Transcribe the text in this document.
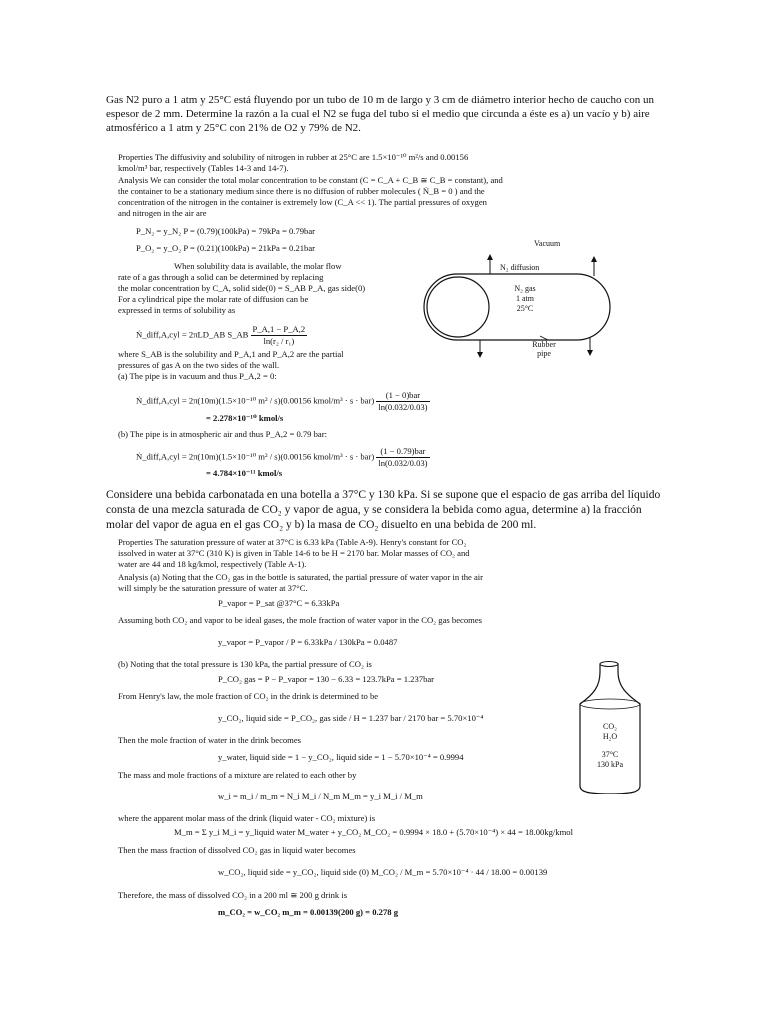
Gas N2 puro a 1 atm y 25°C está fluyendo por un tubo de 10 m de largo y 3 cm de diámetro interior hecho de caucho con un espesor de 2 mm. Determine la razón a la cual el N2 se fuga del tubo si el medio que circunda a éste es a) un vacío y b) aire atmosférico a 1 atm y 25°C con 21% de O2 y 79% de N2.
Properties The diffusivity and solubility of nitrogen in rubber at 25°C are 1.5×10⁻¹⁰ m²/s and 0.00156
kmol/m³ bar, respectively (Tables 14-3 and 14-7).
Analysis We can consider the total molar concentration to be constant (C = C_A + C_B ≅ C_B = constant), and
the container to be a stationary medium since there is no diffusion of rubber molecules ( Ṅ_B = 0 ) and the
concentration of the nitrogen in the container is extremely low (C_A << 1). The partial pressures of oxygen
and nitrogen in the air are
P_N₂ = y_N₂ P = (0.79)(100kPa) = 79kPa = 0.79bar
P_O₂ = y_O₂ P = (0.21)(100kPa) = 21kPa = 0.21bar
When solubility data is available, the molar flow
rate of a gas through a solid can be determined by replacing
the molar concentration by C_A, solid side(0) = S_AB P_A, gas side(0)
For a cylindrical pipe the molar rate of diffusion can be
expressed in terms of solubility as
Ṅ_diff,A,cyl = 2πLD_AB S_AB $\frac{P\_A,1 - P\_A,2}{\text{ln(r₂ / r₁)}}$
where S_AB is the solubility and P_A,1 and P_A,2 are the partial
pressures of gas A on the two sides of the wall.
(a) The pipe is in vacuum and thus P_A,2 = 0:
Ṅ_diff,A,cyl = 2π(10m)(1.5×10⁻¹⁰ m² / s)(0.00156 kmol/m³ · $s \cdot bar) \frac{\text{(1 − 0)bar}}{\ln(0.032/0.03)}$
= 2.278×10⁻¹⁰ kmol/s
(b) The pipe is in atmospheric air and thus P_A,2 = 0.79 bar:
Ṅ_diff,A,cyl = 2π(10m)(1.5×10⁻¹⁰ m² / s)(0.00156 kmol/m³ · $s \cdot bar) \frac{\text{(1 − 0.79)bar}}{\ln(0.032/0.03)}$
= 4.784×10⁻¹¹ kmol/s
Vacuum
N₂ diffusion
N₂ gas
1 atm
25°C
Rubber
pipe
Considere una bebida carbonatada en una botella a 37°C y 130 kPa. Si se supone que el espacio de gas arriba del líquido consta de una mezcla saturada de CO₂ y vapor de agua, y se considera la bebida como agua, determine a) la fracción molar del vapor de agua en el gas CO₂ y b) la masa de CO₂ disuelto en una bebida de 200 ml.
Properties The saturation pressure of water at 37°C is 6.33 kPa (Table A-9). Henry's constant for CO₂
issolved in water at 37°C (310 K) is given in Table 14-6 to be H = 2170 bar. Molar masses of CO₂ and
water are 44 and 18 kg/kmol, respectively (Table A-1).
Analysis (a) Noting that the CO₂ gas in the bottle is saturated, the partial pressure of water vapor in the air
will simply be the saturation pressure of water at 37°C.
P_vapor = P_sat @37°C = 6.33kPa
Assuming both CO₂ and vapor to be ideal gases, the mole fraction of water vapor in the CO₂ gas becomes
y_vapor = P_vapor / P = 6.33kPa / 130kPa = 0.0487
(b) Noting that the total pressure is 130 kPa, the partial pressure of CO₂ is
P_CO₂ gas = P − P_vapor = 130 − 6.33 = 123.7kPa = 1.237bar
From Henry's law, the mole fraction of CO₂ in the drink is determined to be
y_CO₂, liquid side = P_CO₂, gas side / H = 1.237 bar / 2170 bar = 5.70×10⁻⁴
Then the mole fraction of water in the drink becomes
y_water, liquid side = 1 − y_CO₂, liquid side = 1 − 5.70×10⁻⁴ = 0.9994
The mass and mole fractions of a mixture are related to each other by
w_i = m_i / m_m = N_i M_i / N_m M_m = y_i M_i / M_m
where the apparent molar mass of the drink (liquid water - CO₂ mixture) is
M_m = Σ y_i M_i = y_liquid water M_water + y_CO₂ M_CO₂ = 0.9994 × 18.0 + (5.70×10⁻⁴) × 44 = 18.00kg/kmol
Then the mass fraction of dissolved CO₂ gas in liquid water becomes
w_CO₂, liquid side = y_CO₂, liquid side (0) M_CO₂ / M_m = 5.70×10⁻⁴ · 44 / 18.00 = 0.00139
Therefore, the mass of dissolved CO₂ in a 200 ml ≅ 200 g drink is
m_CO₂ = w_CO₂ m_m = 0.00139(200 g) = 0.278 g
CO₂
H₂O
37°C
130 kPa
